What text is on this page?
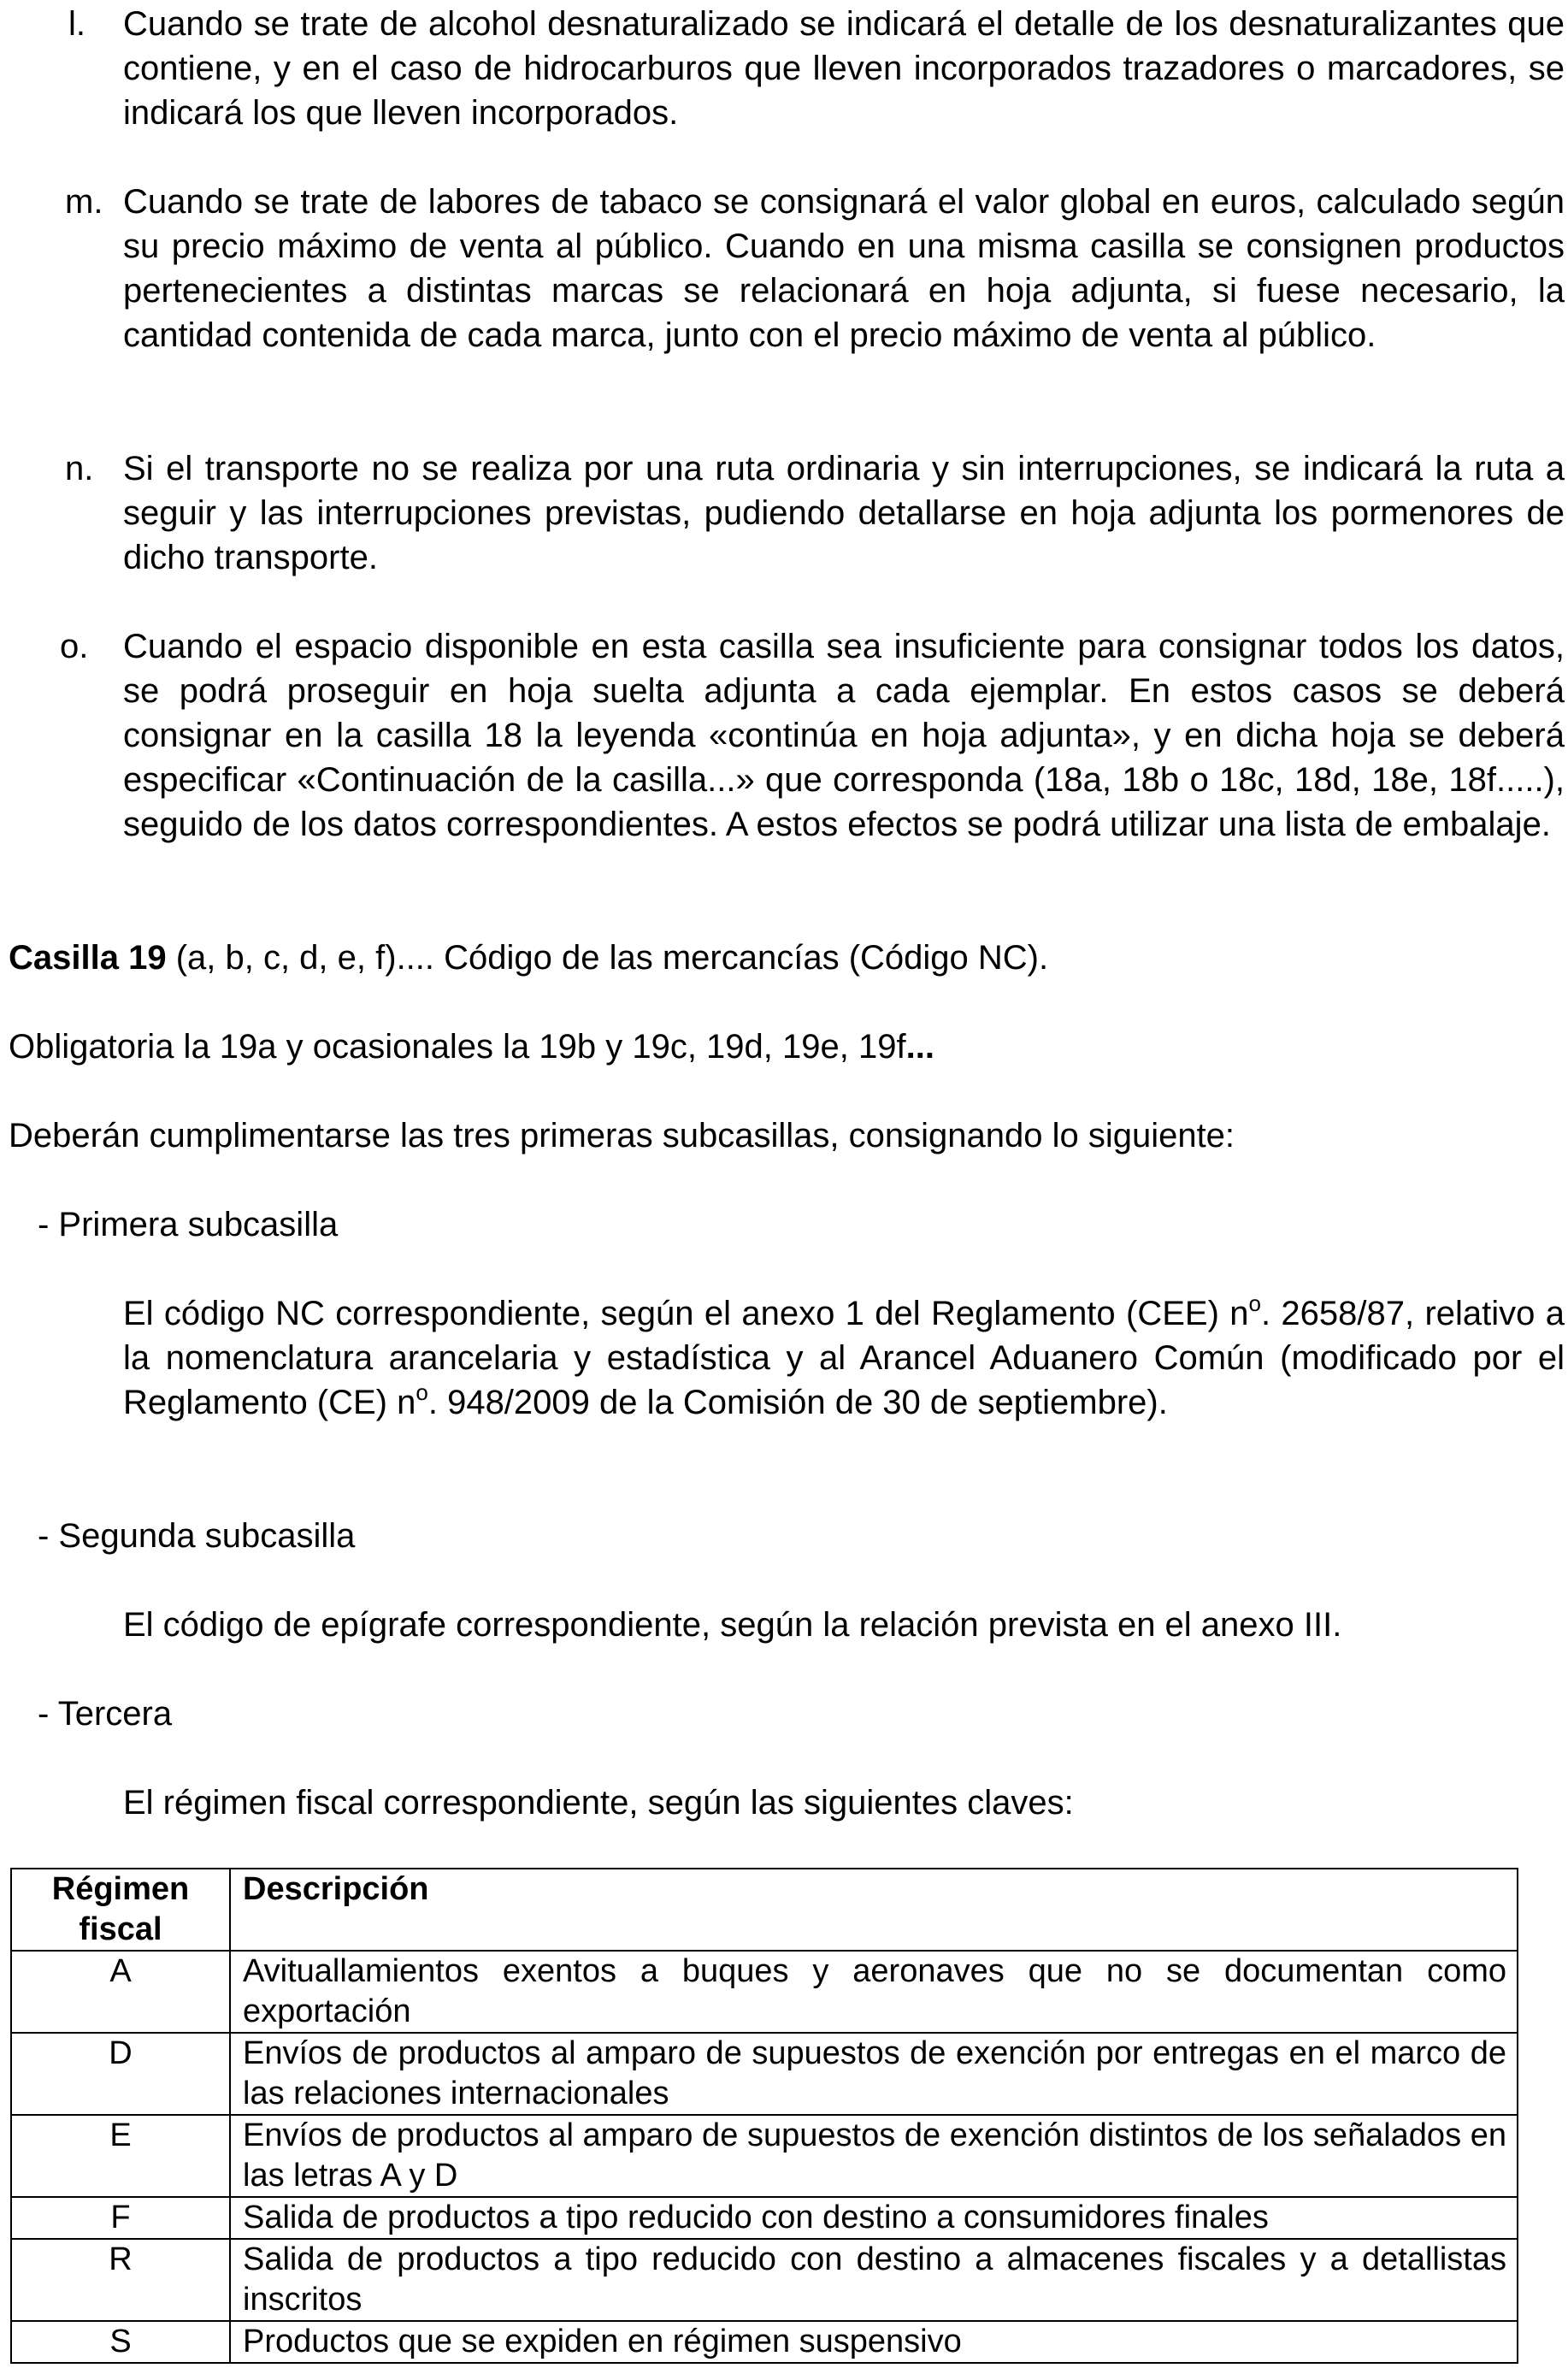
l. Cuando se trate de alcohol desnaturalizado se indicará el detalle de los desnaturalizantes que contiene, y en el caso de hidrocarburos que lleven incorporados trazadores o marcadores, se indicará los que lleven incorporados.
m. Cuando se trate de labores de tabaco se consignará el valor global en euros, calculado según su precio máximo de venta al público. Cuando en una misma casilla se consignen productos pertenecientes a distintas marcas se relacionará en hoja adjunta, si fuese necesario, la cantidad contenida de cada marca, junto con el precio máximo de venta al público.
n. Si el transporte no se realiza por una ruta ordinaria y sin interrupciones, se indicará la ruta a seguir y las interrupciones previstas, pudiendo detallarse en hoja adjunta los pormenores de dicho transporte.
o. Cuando el espacio disponible en esta casilla sea insuficiente para consignar todos los datos, se podrá proseguir en hoja suelta adjunta a cada ejemplar. En estos casos se deberá consignar en la casilla 18 la leyenda «continúa en hoja adjunta», y en dicha hoja se deberá especificar «Continuación de la casilla...» que corresponda (18a, 18b o 18c, 18d, 18e, 18f.....), seguido de los datos correspondientes. A estos efectos se podrá utilizar una lista de embalaje.
Casilla 19 (a, b, c, d, e, f).... Código de las mercancías (Código NC).
Obligatoria la 19a y ocasionales la 19b y 19c, 19d, 19e, 19f...
Deberán cumplimentarse las tres primeras subcasillas, consignando lo siguiente:
- Primera subcasilla
El código NC correspondiente, según el anexo 1 del Reglamento (CEE) $n^o$. 2658/87, relativo a la nomenclatura arancelaria y estadística y al Arancel Aduanero Común (modificado por el Reglamento (CE) $n^o$. 948/2009 de la Comisión de 30 de septiembre).
- Segunda subcasilla
El código de epígrafe correspondiente, según la relación prevista en el anexo III.
- Tercera
El régimen fiscal correspondiente, según las siguientes claves:
Régimen fiscal	Descripción
A	Avituallamientos exentos a buques y aeronaves que no se documentan como exportación
D	Envíos de productos al amparo de supuestos de exención por entregas en el marco de las relaciones internacionales
E	Envíos de productos al amparo de supuestos de exención distintos de los señalados en las letras A y D
F	Salida de productos a tipo reducido con destino a consumidores finales
R	Salida de productos a tipo reducido con destino a almacenes fiscales y a detallistas inscritos
S	Productos que se expiden en régimen suspensivo
